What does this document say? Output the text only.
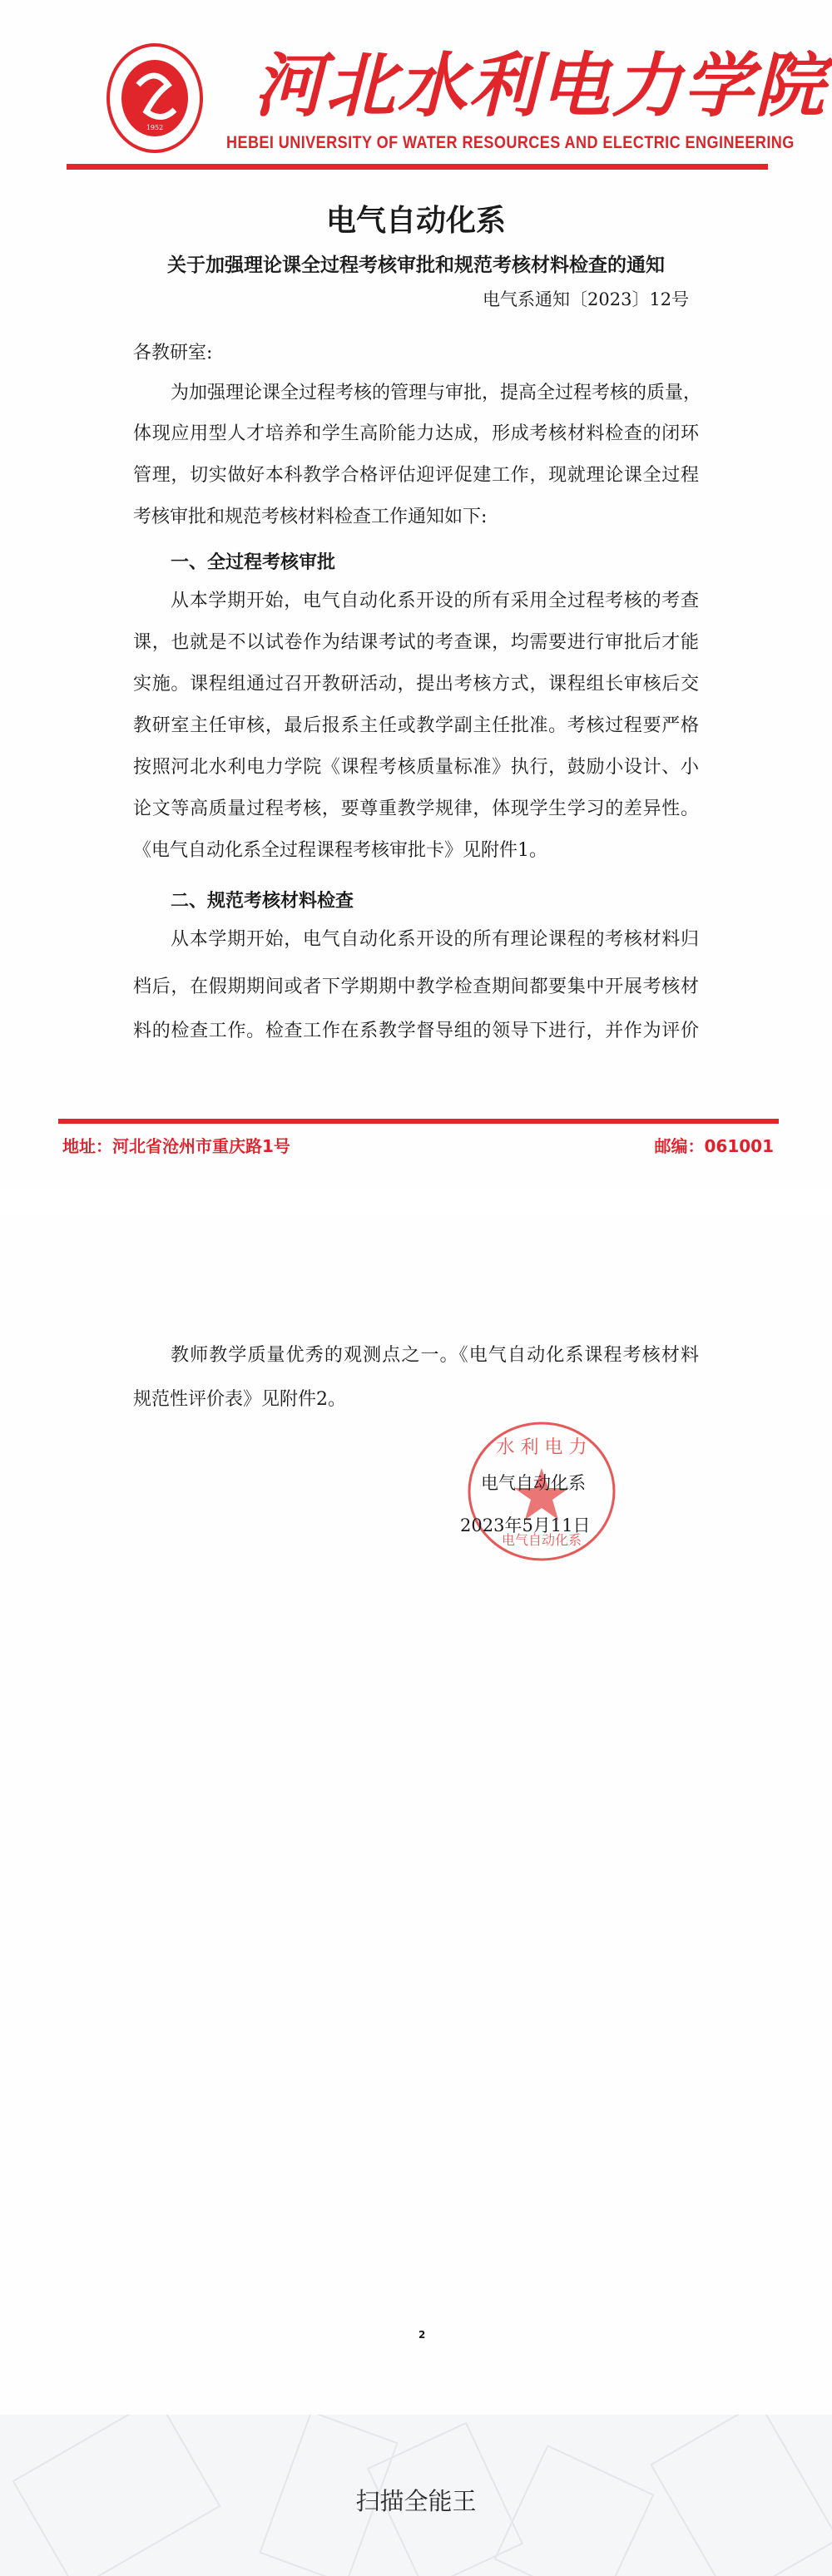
1952
河北水利电力学院
HEBEI UNIVERSITY OF WATER RESOURCES AND ELECTRIC ENGINEERING
电气自动化系
关于加强理论课全过程考核审批和规范考核材料检查的通知
电气系通知〔2023〕12号
各教研室:
为加强理论课全过程考核的管理与审批，提高全过程考核的质量，
体现应用型人才培养和学生高阶能力达成，形成考核材料检查的闭环
管理，切实做好本科教学合格评估迎评促建工作，现就理论课全过程
考核审批和规范考核材料检查工作通知如下:
一、全过程考核审批
从本学期开始，电气自动化系开设的所有采用全过程考核的考查
课，也就是不以试卷作为结课考试的考查课，均需要进行审批后才能
实施。课程组通过召开教研活动，提出考核方式，课程组长审核后交
教研室主任审核，最后报系主任或教学副主任批准。考核过程要严格
按照河北水利电力学院《课程考核质量标准》执行，鼓励小设计、小
论文等高质量过程考核，要尊重教学规律，体现学生学习的差异性。
《电气自动化系全过程课程考核审批卡》见附件1。
二、规范考核材料检查
从本学期开始，电气自动化系开设的所有理论课程的考核材料归
档后，在假期期间或者下学期期中教学检查期间都要集中开展考核材
料的检查工作。检查工作在系教学督导组的领导下进行，并作为评价
地址：河北省沧州市重庆路1号	邮编：061001
教师教学质量优秀的观测点之一。《电气自动化系课程考核材料
规范性评价表》见附件2。
水 利 电 力
电气自动化系
电气自动化系
2023年5月11日
2
扫描全能王
